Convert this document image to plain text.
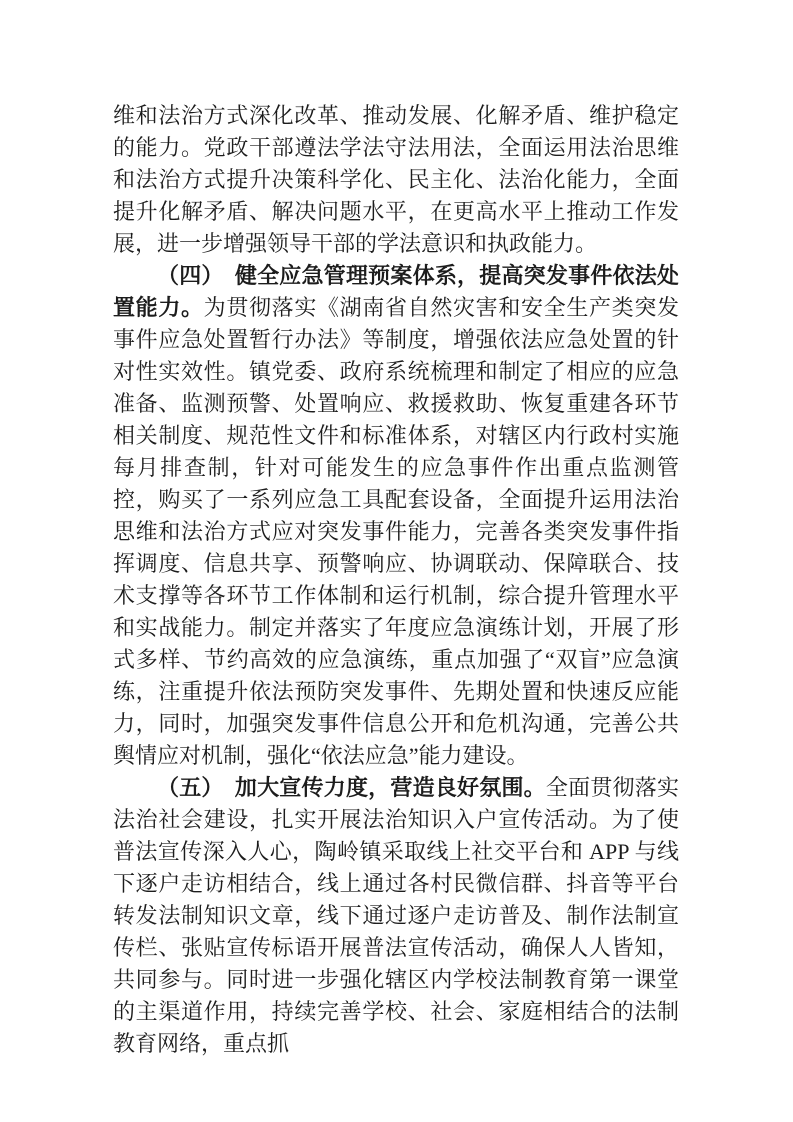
维和法治方式深化改革、推动发展、化解矛盾、维护稳定的能力。党政干部遵法学法守法用法，全面运用法治思维和法治方式提升决策科学化、民主化、法治化能力，全面提升化解矛盾、解决问题水平，在更高水平上推动工作发展，进一步增强领导干部的学法意识和执政能力。

（四）　健全应急管理预案体系，提高突发事件依法处置能力。为贯彻落实《湖南省自然灾害和安全生产类突发事件应急处置暂行办法》等制度，增强依法应急处置的针对性实效性。镇党委、政府系统梳理和制定了相应的应急准备、监测预警、处置响应、救援救助、恢复重建各环节相关制度、规范性文件和标准体系，对辖区内行政村实施每月排查制，针对可能发生的应急事件作出重点监测管控，购买了一系列应急工具配套设备，全面提升运用法治思维和法治方式应对突发事件能力，完善各类突发事件指挥调度、信息共享、预警响应、协调联动、保障联合、技术支撑等各环节工作体制和运行机制，综合提升管理水平和实战能力。制定并落实了年度应急演练计划，开展了形式多样、节约高效的应急演练，重点加强了“双盲”应急演练，注重提升依法预防突发事件、先期处置和快速反应能力，同时，加强突发事件信息公开和危机沟通，完善公共舆情应对机制，强化“依法应急”能力建设。

（五）　加大宣传力度，营造良好氛围。全面贯彻落实法治社会建设，扎实开展法治知识入户宣传活动。为了使普法宣传深入人心，陶岭镇采取线上社交平台和 APP 与线下逐户走访相结合，线上通过各村民微信群、抖音等平台转发法制知识文章，线下通过逐户走访普及、制作法制宣传栏、张贴宣传标语开展普法宣传活动，确保人人皆知，共同参与。同时进一步强化辖区内学校法制教育第一课堂的主渠道作用，持续完善学校、社会、家庭相结合的法制教育网络，重点抓
